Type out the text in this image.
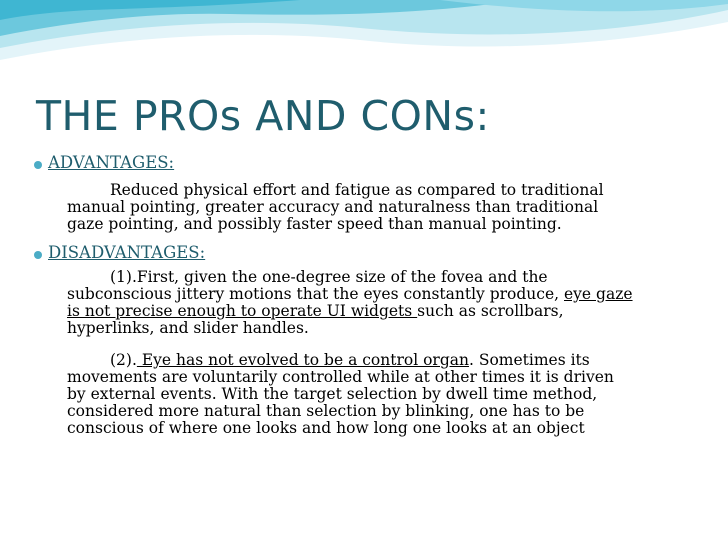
THE PROs AND CONs:
ADVANTAGES:
Reduced physical effort and fatigue as compared to traditional
manual pointing, greater accuracy and naturalness than traditional
gaze pointing, and possibly faster speed than manual pointing.
DISADVANTAGES:
(1).First, given the one-degree size of the fovea and the
subconscious jittery motions that the eyes constantly produce, eye gaze
is not precise enough to operate UI widgets such as scrollbars,
hyperlinks, and slider handles.
(2). Eye has not evolved to be a control organ. Sometimes its
movements are voluntarily controlled while at other times it is driven
by external events. With the target selection by dwell time method,
considered more natural than selection by blinking, one has to be
conscious of where one looks and how long one looks at an object
